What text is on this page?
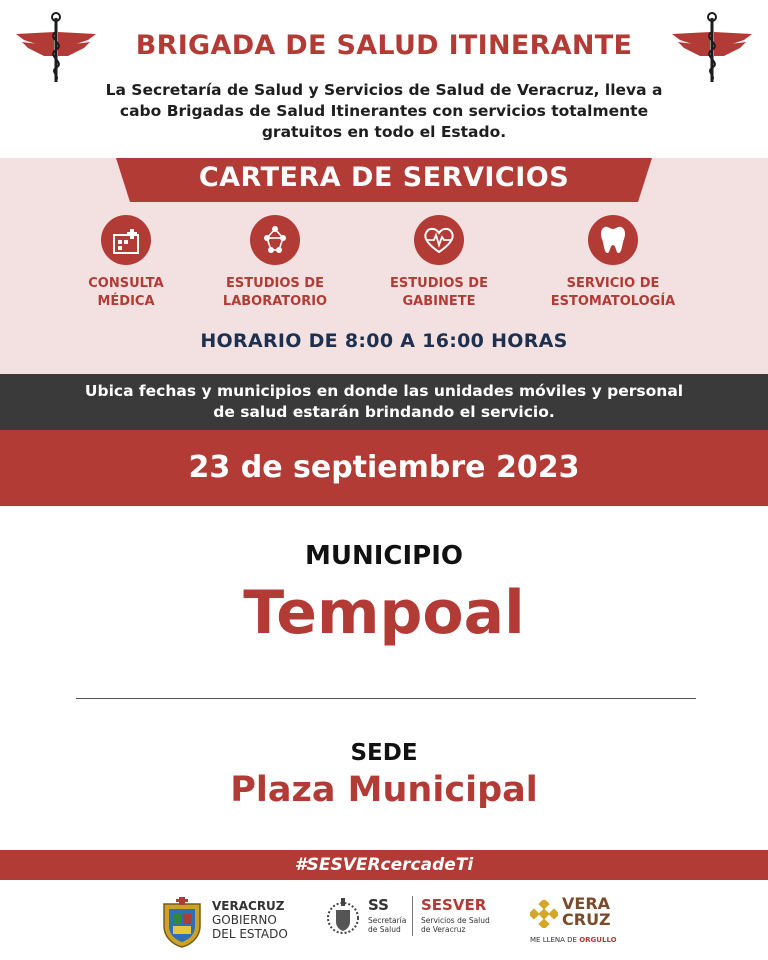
BRIGADA DE SALUD ITINERANTE
La Secretaría de Salud y Servicios de Salud de Veracruz, lleva a
cabo Brigadas de Salud Itinerantes con servicios totalmente
gratuitos en todo el Estado.
CARTERA DE SERVICIOS
CONSULTA
MÉDICA
ESTUDIOS DE
LABORATORIO
ESTUDIOS DE
GABINETE
SERVICIO DE
ESTOMATOLOGÍA
HORARIO DE 8:00 A 16:00 HORAS
Ubica fechas y municipios en donde las unidades móviles y personal
de salud estarán brindando el servicio.
23 de septiembre 2023
MUNICIPIO
Tempoal
SEDE
Plaza Municipal
#SESVERcercadeTi
VERACRUZ
GOBIERNO
DEL ESTADO
SS
Secretaría
de Salud
SESVER
Servicios de Salud
de Veracruz
VERA
CRUZ
ME LLENA DE ORGULLO
